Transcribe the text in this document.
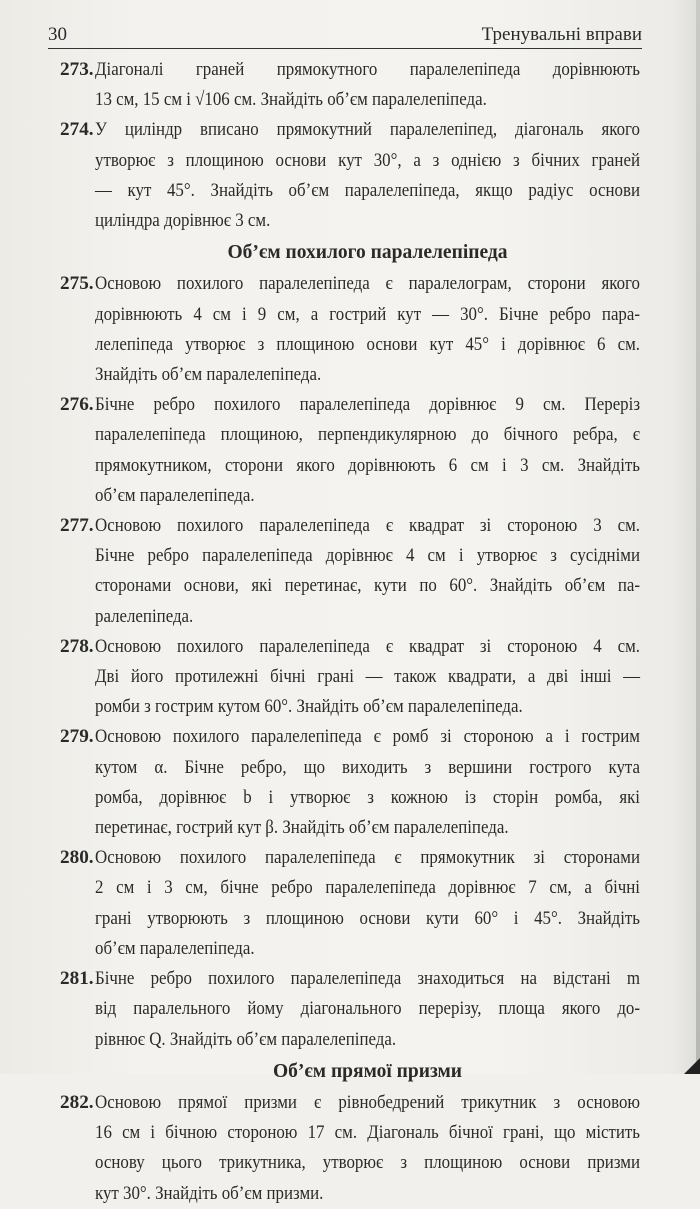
30	Тренувальні вправи
273. Діагоналі граней прямокутного паралелепіпеда дорівнюють
13 см, 15 см і √106 см. Знайдіть об’єм паралелепіпеда.
274. У циліндр вписано прямокутний паралелепіпед, діагональ якого
утворює з площиною основи кут 30°, а з однією з бічних граней
— кут 45°. Знайдіть об’єм паралелепіпеда, якщо радіус основи
циліндра дорівнює 3 см.
Об’єм похилого паралелепіпеда
275. Основою похилого паралелепіпеда є паралелограм, сторони якого
дорівнюють 4 см і 9 см, а гострий кут — 30°. Бічне ребро пара-
лелепіпеда утворює з площиною основи кут 45° і дорівнює 6 см.
Знайдіть об’єм паралелепіпеда.
276. Бічне ребро похилого паралелепіпеда дорівнює 9 см. Переріз
паралелепіпеда площиною, перпендикулярною до бічного ребра, є
прямокутником, сторони якого дорівнюють 6 см і 3 см. Знайдіть
об’єм паралелепіпеда.
277. Основою похилого паралелепіпеда є квадрат зі стороною 3 см.
Бічне ребро паралелепіпеда дорівнює 4 см і утворює з сусідніми
сторонами основи, які перетинає, кути по 60°. Знайдіть об’єм па-
ралелепіпеда.
278. Основою похилого паралелепіпеда є квадрат зі стороною 4 см.
Дві його протилежні бічні грані — також квадрати, а дві інші —
ромби з гострим кутом 60°. Знайдіть об’єм паралелепіпеда.
279. Основою похилого паралелепіпеда є ромб зі стороною a і гострим
кутом α. Бічне ребро, що виходить з вершини гострого кута
ромба, дорівнює b і утворює з кожною із сторін ромба, які
перетинає, гострий кут β. Знайдіть об’єм паралелепіпеда.
280. Основою похилого паралелепіпеда є прямокутник зі сторонами
2 см і 3 см, бічне ребро паралелепіпеда дорівнює 7 см, а бічні
грані утворюють з площиною основи кути 60° і 45°. Знайдіть
об’єм паралелепіпеда.
281. Бічне ребро похилого паралелепіпеда знаходиться на відстані m
від паралельного йому діагонального перерізу, площа якого до-
рівнює Q. Знайдіть об’єм паралелепіпеда.
Об’єм прямої призми
282. Основою прямої призми є рівнобедрений трикутник з основою
16 см і бічною стороною 17 см. Діагональ бічної грані, що містить
основу цього трикутника, утворює з площиною основи призми
кут 30°. Знайдіть об’єм призми.
